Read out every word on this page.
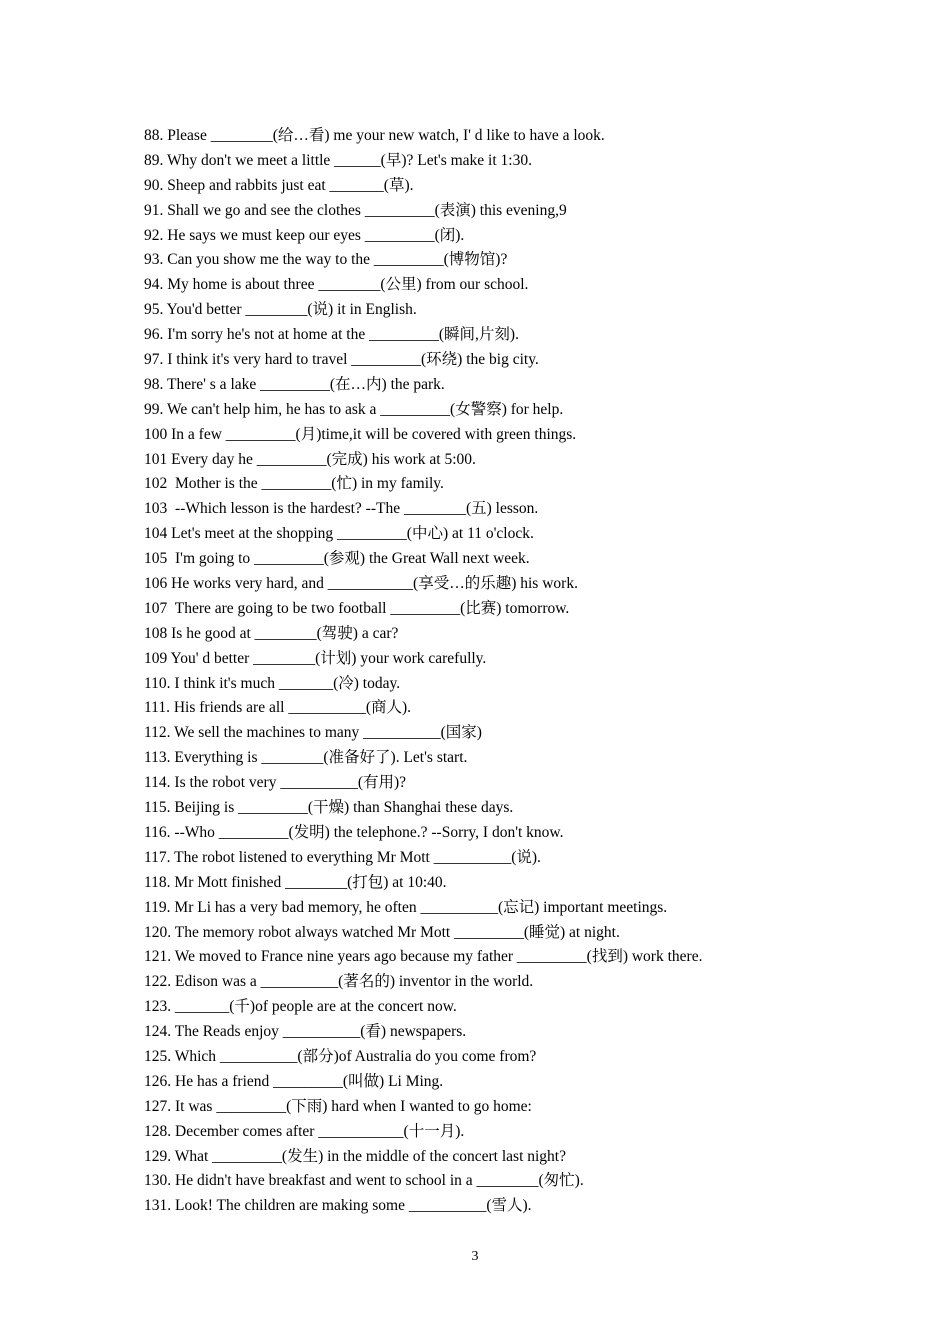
88. Please ________(给…看) me your new watch, I' d like to have a look.
89. Why don't we meet a little ______(早)? Let's make it 1:30.
90. Sheep and rabbits just eat _______(草).
91. Shall we go and see the clothes _________(表演) this evening,9
92. He says we must keep our eyes _________(闭).
93. Can you show me the way to the _________(博物馆)?
94. My home is about three ________(公里) from our school.
95. You'd better ________(说) it in English.
96. I'm sorry he's not at home at the _________(瞬间,片刻).
97. I think it's very hard to travel _________(环绕) the big city.
98. There' s a lake _________(在…内) the park.
99. We can't help him, he has to ask a _________(女警察) for help.
100 In a few _________(月)time,it will be covered with green things.
101 Every day he _________(完成) his work at 5:00.
102  Mother is the _________(忙) in my family.
103  --Which lesson is the hardest? --The ________(五) lesson.
104 Let's meet at the shopping _________(中心) at 11 o'clock.
105  I'm going to _________(参观) the Great Wall next week.
106 He works very hard, and ___________(享受…的乐趣) his work.
107  There are going to be two football _________(比赛) tomorrow.
108 Is he good at ________(驾驶) a car?
109 You' d better ________(计划) your work carefully.
110. I think it's much _______(冷) today.
111. His friends are all __________(商人).
112. We sell the machines to many __________(国家)
113. Everything is ________(准备好了). Let's start.
114. Is the robot very __________(有用)?
115. Beijing is _________(干燥) than Shanghai these days.
116. --Who _________(发明) the telephone.? --Sorry, I don't know.
117. The robot listened to everything Mr Mott __________(说).
118. Mr Mott finished ________(打包) at 10:40.
119. Mr Li has a very bad memory, he often __________(忘记) important meetings.
120. The memory robot always watched Mr Mott _________(睡觉) at night.
121. We moved to France nine years ago because my father _________(找到) work there.
122. Edison was a __________(著名的) inventor in the world.
123. _______(千)of people are at the concert now.
124. The Reads enjoy __________(看) newspapers.
125. Which __________(部分)of Australia do you come from?
126. He has a friend _________(叫做) Li Ming.
127. It was _________(下雨) hard when I wanted to go home:
128. December comes after ___________(十一月).
129. What _________(发生) in the middle of the concert last night?
130. He didn't have breakfast and went to school in a ________(匆忙).
131. Look! The children are making some __________(雪人).
3
